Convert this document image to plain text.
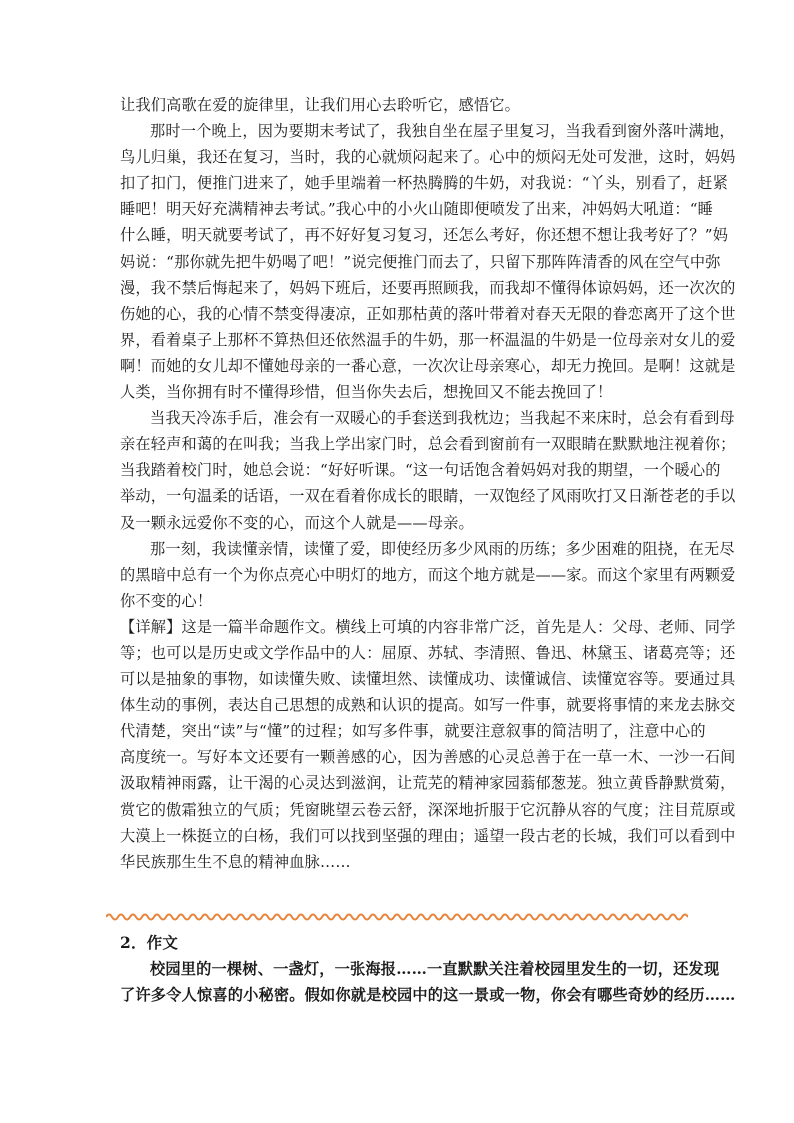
让我们高歌在爱的旋律里，让我们用心去聆听它，感悟它。
那时一个晚上，因为要期末考试了，我独自坐在屋子里复习，当我看到窗外落叶满地，
鸟儿归巢，我还在复习，当时，我的心就烦闷起来了。心中的烦闷无处可发泄，这时，妈妈
扣了扣门，便推门进来了，她手里端着一杯热腾腾的牛奶，对我说：“丫头，别看了，赶紧
睡吧！明天好充满精神去考试。”我心中的小火山随即便喷发了出来，冲妈妈大吼道：“睡
什么睡，明天就要考试了，再不好好复习复习，还怎么考好，你还想不想让我考好了？”妈
妈说：“那你就先把牛奶喝了吧！”说完便推门而去了，只留下那阵阵清香的风在空气中弥
漫，我不禁后悔起来了，妈妈下班后，还要再照顾我，而我却不懂得体谅妈妈，还一次次的
伤她的心，我的心情不禁变得凄凉，正如那枯黄的落叶带着对春天无限的眷恋离开了这个世
界，看着桌子上那杯不算热但还依然温手的牛奶，那一杯温温的牛奶是一位母亲对女儿的爱
啊！而她的女儿却不懂她母亲的一番心意，一次次让母亲寒心，却无力挽回。是啊！这就是
人类，当你拥有时不懂得珍惜，但当你失去后，想挽回又不能去挽回了！
当我天冷冻手后，准会有一双暖心的手套送到我枕边；当我起不来床时，总会有看到母
亲在轻声和蔼的在叫我；当我上学出家门时，总会看到窗前有一双眼睛在默默地注视着你；
当我踏着校门时，她总会说：“好好听课。“这一句话饱含着妈妈对我的期望，一个暖心的
举动，一句温柔的话语，一双在看着你成长的眼睛，一双饱经了风雨吹打又日渐苍老的手以
及一颗永远爱你不变的心，而这个人就是——母亲。
那一刻，我读懂亲情，读懂了爱，即使经历多少风雨的历练；多少困难的阻挠，在无尽
的黑暗中总有一个为你点亮心中明灯的地方，而这个地方就是——家。而这个家里有两颗爱
你不变的心！
【详解】这是一篇半命题作文。横线上可填的内容非常广泛，首先是人：父母、老师、同学
等；也可以是历史或文学作品中的人：屈原、苏轼、李清照、鲁迅、林黛玉、诸葛亮等；还
可以是抽象的事物，如读懂失败、读懂坦然、读懂成功、读懂诚信、读懂宽容等。要通过具
体生动的事例，表达自己思想的成熟和认识的提高。如写一件事，就要将事情的来龙去脉交
代清楚，突出“读”与“懂”的过程；如写多件事，就要注意叙事的简洁明了，注意中心的
高度统一。写好本文还要有一颗善感的心，因为善感的心灵总善于在一草一木、一沙一石间
汲取精神雨露，让干渴的心灵达到滋润，让荒芜的精神家园蓊郁葱茏。独立黄昏静默赏菊，
赏它的傲霜独立的气质；凭窗眺望云卷云舒，深深地折服于它沉静从容的气度；注目荒原或
大漠上一株挺立的白杨，我们可以找到坚强的理由；遥望一段古老的长城，我们可以看到中
华民族那生生不息的精神血脉……
2．作文
校园里的一棵树、一盏灯，一张海报……一直默默关注着校园里发生的一切，还发现
了许多令人惊喜的小秘密。假如你就是校园中的这一景或一物，你会有哪些奇妙的经历……
